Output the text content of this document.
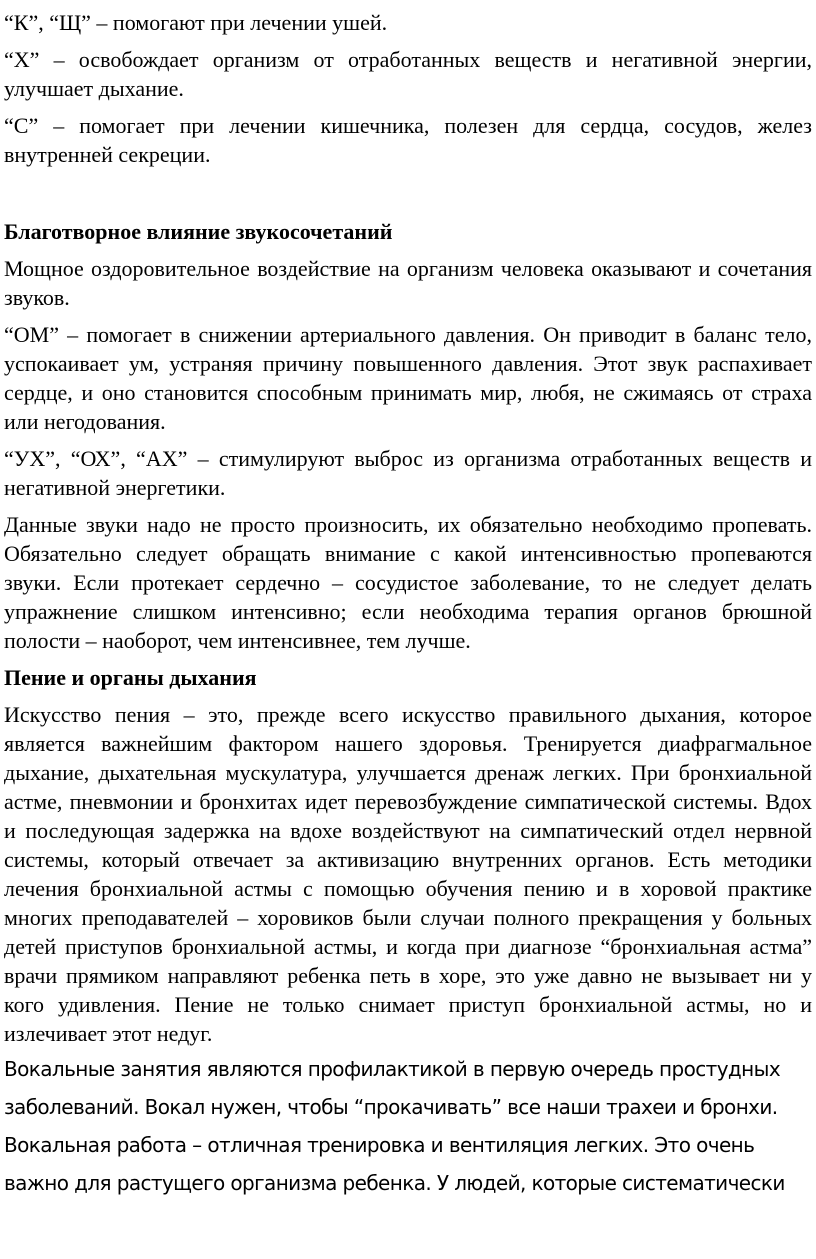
“К”, “Щ” – помогают при лечении ушей.

“Х” – освобождает организм от отработанных веществ и негативной энергии, улучшает дыхание.

“С” – помогает при лечении кишечника, полезен для сердца, сосудов, желез внутренней секреции.

Благотворное влияние звукосочетаний

Мощное оздоровительное воздействие на организм человека оказывают и сочетания звуков.

“ОМ” – помогает в снижении артериального давления. Он приводит в баланс тело, успокаивает ум, устраняя причину повышенного давления. Этот звук распахивает сердце, и оно становится способным принимать мир, любя, не сжимаясь от страха или негодования.

“УХ”, “ОХ”, “АХ” – стимулируют выброс из организма отработанных веществ и негативной энергетики.

Данные звуки надо не просто произносить, их обязательно необходимо пропевать. Обязательно следует обращать внимание с какой интенсивностью пропеваются звуки. Если протекает сердечно – сосудистое заболевание, то не следует делать упражнение слишком интенсивно; если необходима терапия органов брюшной полости – наоборот, чем интенсивнее, тем лучше.

Пение и органы дыхания

Искусство пения – это, прежде всего искусство правильного дыхания, которое является важнейшим фактором нашего здоровья. Тренируется диафрагмальное дыхание, дыхательная мускулатура, улучшается дренаж легких. При бронхиальной астме, пневмонии и бронхитах идет перевозбуждение симпатической системы. Вдох и последующая задержка на вдохе воздействуют на симпатический отдел нервной системы, который отвечает за активизацию внутренних органов. Есть методики лечения бронхиальной астмы с помощью обучения пению и в хоровой практике многих преподавателей – хоровиков были случаи полного прекращения у больных детей приступов бронхиальной астмы, и когда при диагнозе “бронхиальная астма” врачи прямиком направляют ребенка петь в хоре, это уже давно не вызывает ни у кого удивления. Пение не только снимает приступ бронхиальной астмы, но и излечивает этот недуг.

Вокальные занятия являются профилактикой в первую очередь простудных заболеваний. Вокал нужен, чтобы “прокачивать” все наши трахеи и бронхи. Вокальная работа – отличная тренировка и вентиляция легких. Это очень важно для растущего организма ребенка. У людей, которые систематически
